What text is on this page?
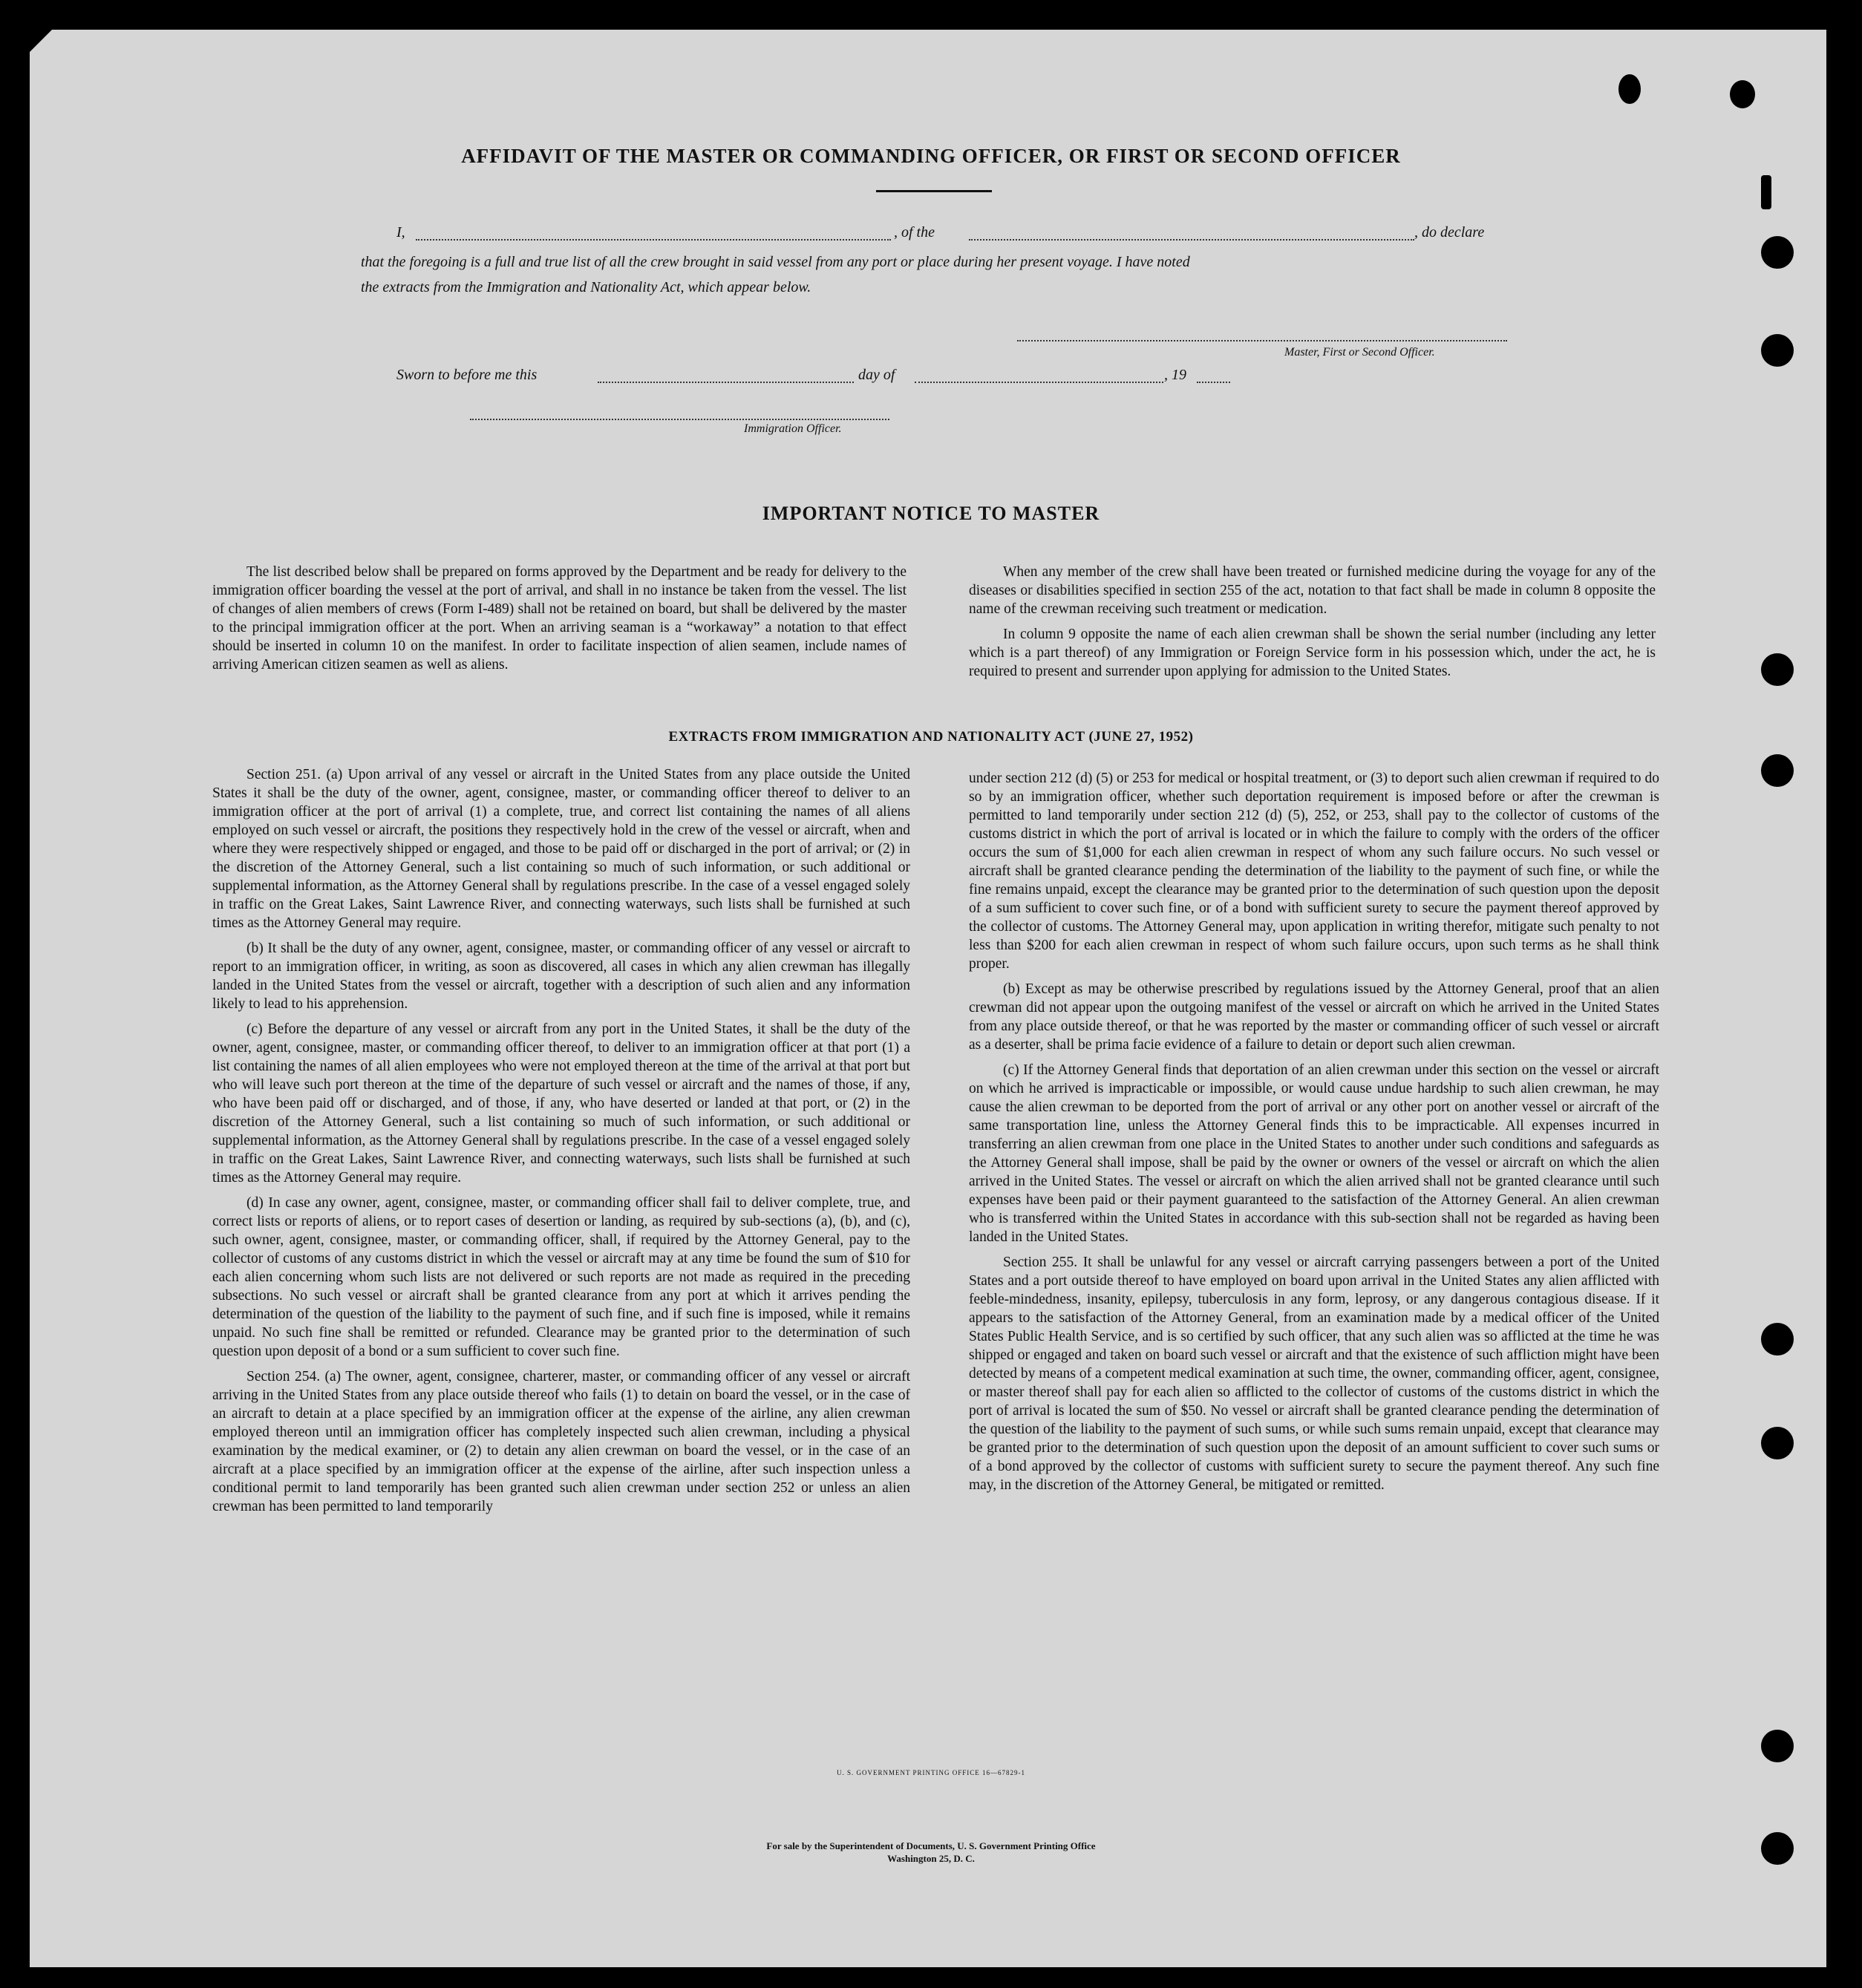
AFFIDAVIT OF THE MASTER OR COMMANDING OFFICER, OR FIRST OR SECOND OFFICER
I,	, of the	, do declare
that the foregoing is a full and true list of all the crew brought in said vessel from any port or place during her present voyage. I have noted
the extracts from the Immigration and Nationality Act, which appear below.
Master, First or Second Officer.
Sworn to before me this	day of	, 19
Immigration Officer.
IMPORTANT NOTICE TO MASTER

The list described below shall be prepared on forms approved by the Department and be ready for delivery to the immigration officer boarding the vessel at the port of arrival, and shall in no instance be taken from the vessel. The list of changes of alien members of crews (Form I-489) shall not be retained on board, but shall be delivered by the master to the principal immigration officer at the port. When an arriving seaman is a “workaway” a notation to that effect should be inserted in column 10 on the manifest. In order to facilitate inspection of alien seamen, include names of arriving American citizen seamen as well as aliens.

When any member of the crew shall have been treated or furnished medicine during the voyage for any of the diseases or disabilities specified in section 255 of the act, notation to that fact shall be made in column 8 opposite the name of the crewman receiving such treatment or medication.

In column 9 opposite the name of each alien crewman shall be shown the serial number (including any letter which is a part thereof) of any Immigration or Foreign Service form in his possession which, under the act, he is required to present and surrender upon applying for admission to the United States.

EXTRACTS FROM IMMIGRATION AND NATIONALITY ACT (JUNE 27, 1952)

Section 251. (a) Upon arrival of any vessel or aircraft in the United States from any place outside the United States it shall be the duty of the owner, agent, consignee, master, or commanding officer thereof to deliver to an immigration officer at the port of arrival (1) a complete, true, and correct list containing the names of all aliens employed on such vessel or aircraft, the positions they respectively hold in the crew of the vessel or aircraft, when and where they were respectively shipped or engaged, and those to be paid off or discharged in the port of arrival; or (2) in the discretion of the Attorney General, such a list containing so much of such information, or such additional or supplemental information, as the Attorney General shall by regulations prescribe. In the case of a vessel engaged solely in traffic on the Great Lakes, Saint Lawrence River, and connecting waterways, such lists shall be furnished at such times as the Attorney General may require.

(b) It shall be the duty of any owner, agent, consignee, master, or commanding officer of any vessel or aircraft to report to an immigration officer, in writing, as soon as discovered, all cases in which any alien crewman has illegally landed in the United States from the vessel or aircraft, together with a description of such alien and any information likely to lead to his apprehension.

(c) Before the departure of any vessel or aircraft from any port in the United States, it shall be the duty of the owner, agent, consignee, master, or commanding officer thereof, to deliver to an immigration officer at that port (1) a list containing the names of all alien employees who were not employed thereon at the time of the arrival at that port but who will leave such port thereon at the time of the departure of such vessel or aircraft and the names of those, if any, who have been paid off or discharged, and of those, if any, who have deserted or landed at that port, or (2) in the discretion of the Attorney General, such a list containing so much of such information, or such additional or supplemental information, as the Attorney General shall by regulations prescribe. In the case of a vessel engaged solely in traffic on the Great Lakes, Saint Lawrence River, and connecting waterways, such lists shall be furnished at such times as the Attorney General may require.

(d) In case any owner, agent, consignee, master, or commanding officer shall fail to deliver complete, true, and correct lists or reports of aliens, or to report cases of desertion or landing, as required by sub-sections (a), (b), and (c), such owner, agent, consignee, master, or commanding officer, shall, if required by the Attorney General, pay to the collector of customs of any customs district in which the vessel or aircraft may at any time be found the sum of $10 for each alien concerning whom such lists are not delivered or such reports are not made as required in the preceding subsections. No such vessel or aircraft shall be granted clearance from any port at which it arrives pending the determination of the question of the liability to the payment of such fine, and if such fine is imposed, while it remains unpaid. No such fine shall be remitted or refunded. Clearance may be granted prior to the determination of such question upon deposit of a bond or a sum sufficient to cover such fine.

Section 254. (a) The owner, agent, consignee, charterer, master, or commanding officer of any vessel or aircraft arriving in the United States from any place outside thereof who fails (1) to detain on board the vessel, or in the case of an aircraft to detain at a place specified by an immigration officer at the expense of the airline, any alien crewman employed thereon until an immigration officer has completely inspected such alien crewman, including a physical examination by the medical examiner, or (2) to detain any alien crewman on board the vessel, or in the case of an aircraft at a place specified by an immigration officer at the expense of the airline, after such inspection unless a conditional permit to land temporarily has been granted such alien crewman under section 252 or unless an alien crewman has been permitted to land temporarily

under section 212 (d) (5) or 253 for medical or hospital treatment, or (3) to deport such alien crewman if required to do so by an immigration officer, whether such deportation requirement is imposed before or after the crewman is permitted to land temporarily under section 212 (d) (5), 252, or 253, shall pay to the collector of customs of the customs district in which the port of arrival is located or in which the failure to comply with the orders of the officer occurs the sum of $1,000 for each alien crewman in respect of whom any such failure occurs. No such vessel or aircraft shall be granted clearance pending the determination of the liability to the payment of such fine, or while the fine remains unpaid, except the clearance may be granted prior to the determination of such question upon the deposit of a sum sufficient to cover such fine, or of a bond with sufficient surety to secure the payment thereof approved by the collector of customs. The Attorney General may, upon application in writing therefor, mitigate such penalty to not less than $200 for each alien crewman in respect of whom such failure occurs, upon such terms as he shall think proper.

(b) Except as may be otherwise prescribed by regulations issued by the Attorney General, proof that an alien crewman did not appear upon the outgoing manifest of the vessel or aircraft on which he arrived in the United States from any place outside thereof, or that he was reported by the master or commanding officer of such vessel or aircraft as a deserter, shall be prima facie evidence of a failure to detain or deport such alien crewman.

(c) If the Attorney General finds that deportation of an alien crewman under this section on the vessel or aircraft on which he arrived is impracticable or impossible, or would cause undue hardship to such alien crewman, he may cause the alien crewman to be deported from the port of arrival or any other port on another vessel or aircraft of the same transportation line, unless the Attorney General finds this to be impracticable. All expenses incurred in transferring an alien crewman from one place in the United States to another under such conditions and safeguards as the Attorney General shall impose, shall be paid by the owner or owners of the vessel or aircraft on which the alien arrived in the United States. The vessel or aircraft on which the alien arrived shall not be granted clearance until such expenses have been paid or their payment guaranteed to the satisfaction of the Attorney General. An alien crewman who is transferred within the United States in accordance with this sub-section shall not be regarded as having been landed in the United States.

Section 255. It shall be unlawful for any vessel or aircraft carrying passengers between a port of the United States and a port outside thereof to have employed on board upon arrival in the United States any alien afflicted with feeble-mindedness, insanity, epilepsy, tuberculosis in any form, leprosy, or any dangerous contagious disease. If it appears to the satisfaction of the Attorney General, from an examination made by a medical officer of the United States Public Health Service, and is so certified by such officer, that any such alien was so afflicted at the time he was shipped or engaged and taken on board such vessel or aircraft and that the existence of such affliction might have been detected by means of a competent medical examination at such time, the owner, commanding officer, agent, consignee, or master thereof shall pay for each alien so afflicted to the collector of customs of the customs district in which the port of arrival is located the sum of $50. No vessel or aircraft shall be granted clearance pending the determination of the question of the liability to the payment of such sums, or while such sums remain unpaid, except that clearance may be granted prior to the determination of such question upon the deposit of an amount sufficient to cover such sums or of a bond approved by the collector of customs with sufficient surety to secure the payment thereof. Any such fine may, in the discretion of the Attorney General, be mitigated or remitted.

U. S. GOVERNMENT PRINTING OFFICE 16—67829-1
For sale by the Superintendent of Documents, U. S. Government Printing Office
Washington 25, D. C.
